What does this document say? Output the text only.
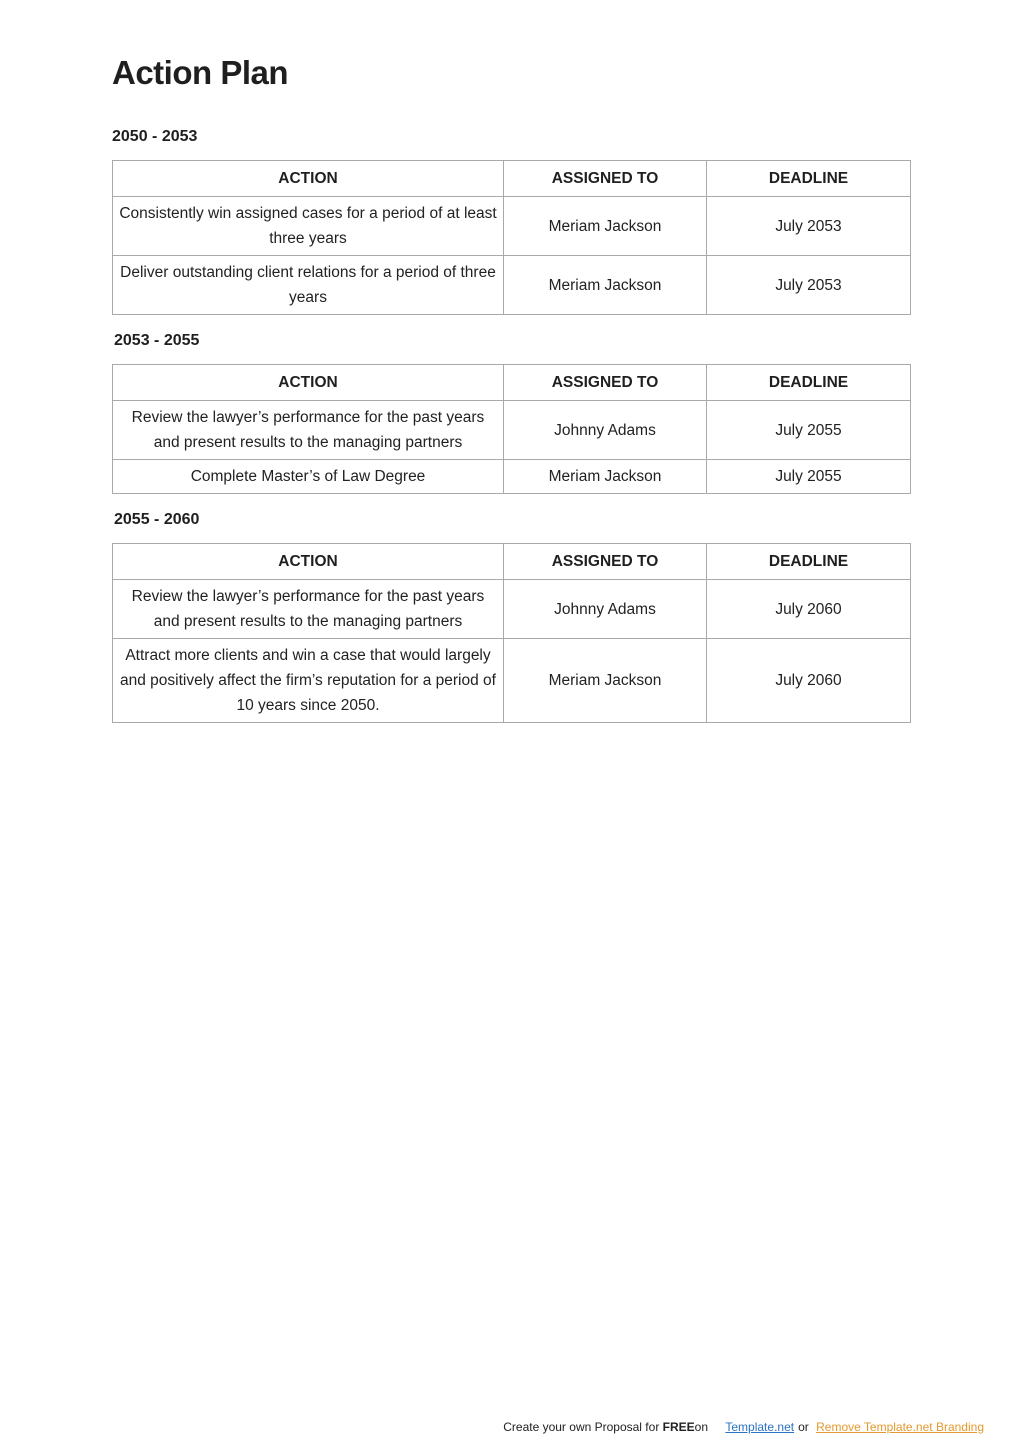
Action Plan
2050 - 2053
ACTION	ASSIGNED TO	DEADLINE
Consistently win assigned cases for a period of at least three years	Meriam Jackson	July 2053
Deliver outstanding client relations for a period of three years	Meriam Jackson	July 2053
2053 - 2055
ACTION	ASSIGNED TO	DEADLINE
Review the lawyer’s performance for the past years and present results to the managing partners	Johnny Adams	July 2055
Complete Master’s of Law Degree	Meriam Jackson	July 2055
2055 - 2060
ACTION	ASSIGNED TO	DEADLINE
Review the lawyer’s performance for the past years and present results to the managing partners	Johnny Adams	July 2060
Attract more clients and win a case that would largely and positively affect the firm’s reputation for a period of 10 years since 2050.	Meriam Jackson	July 2060
Create your own Proposal for FREEon Template.net or Remove Template.net Branding
